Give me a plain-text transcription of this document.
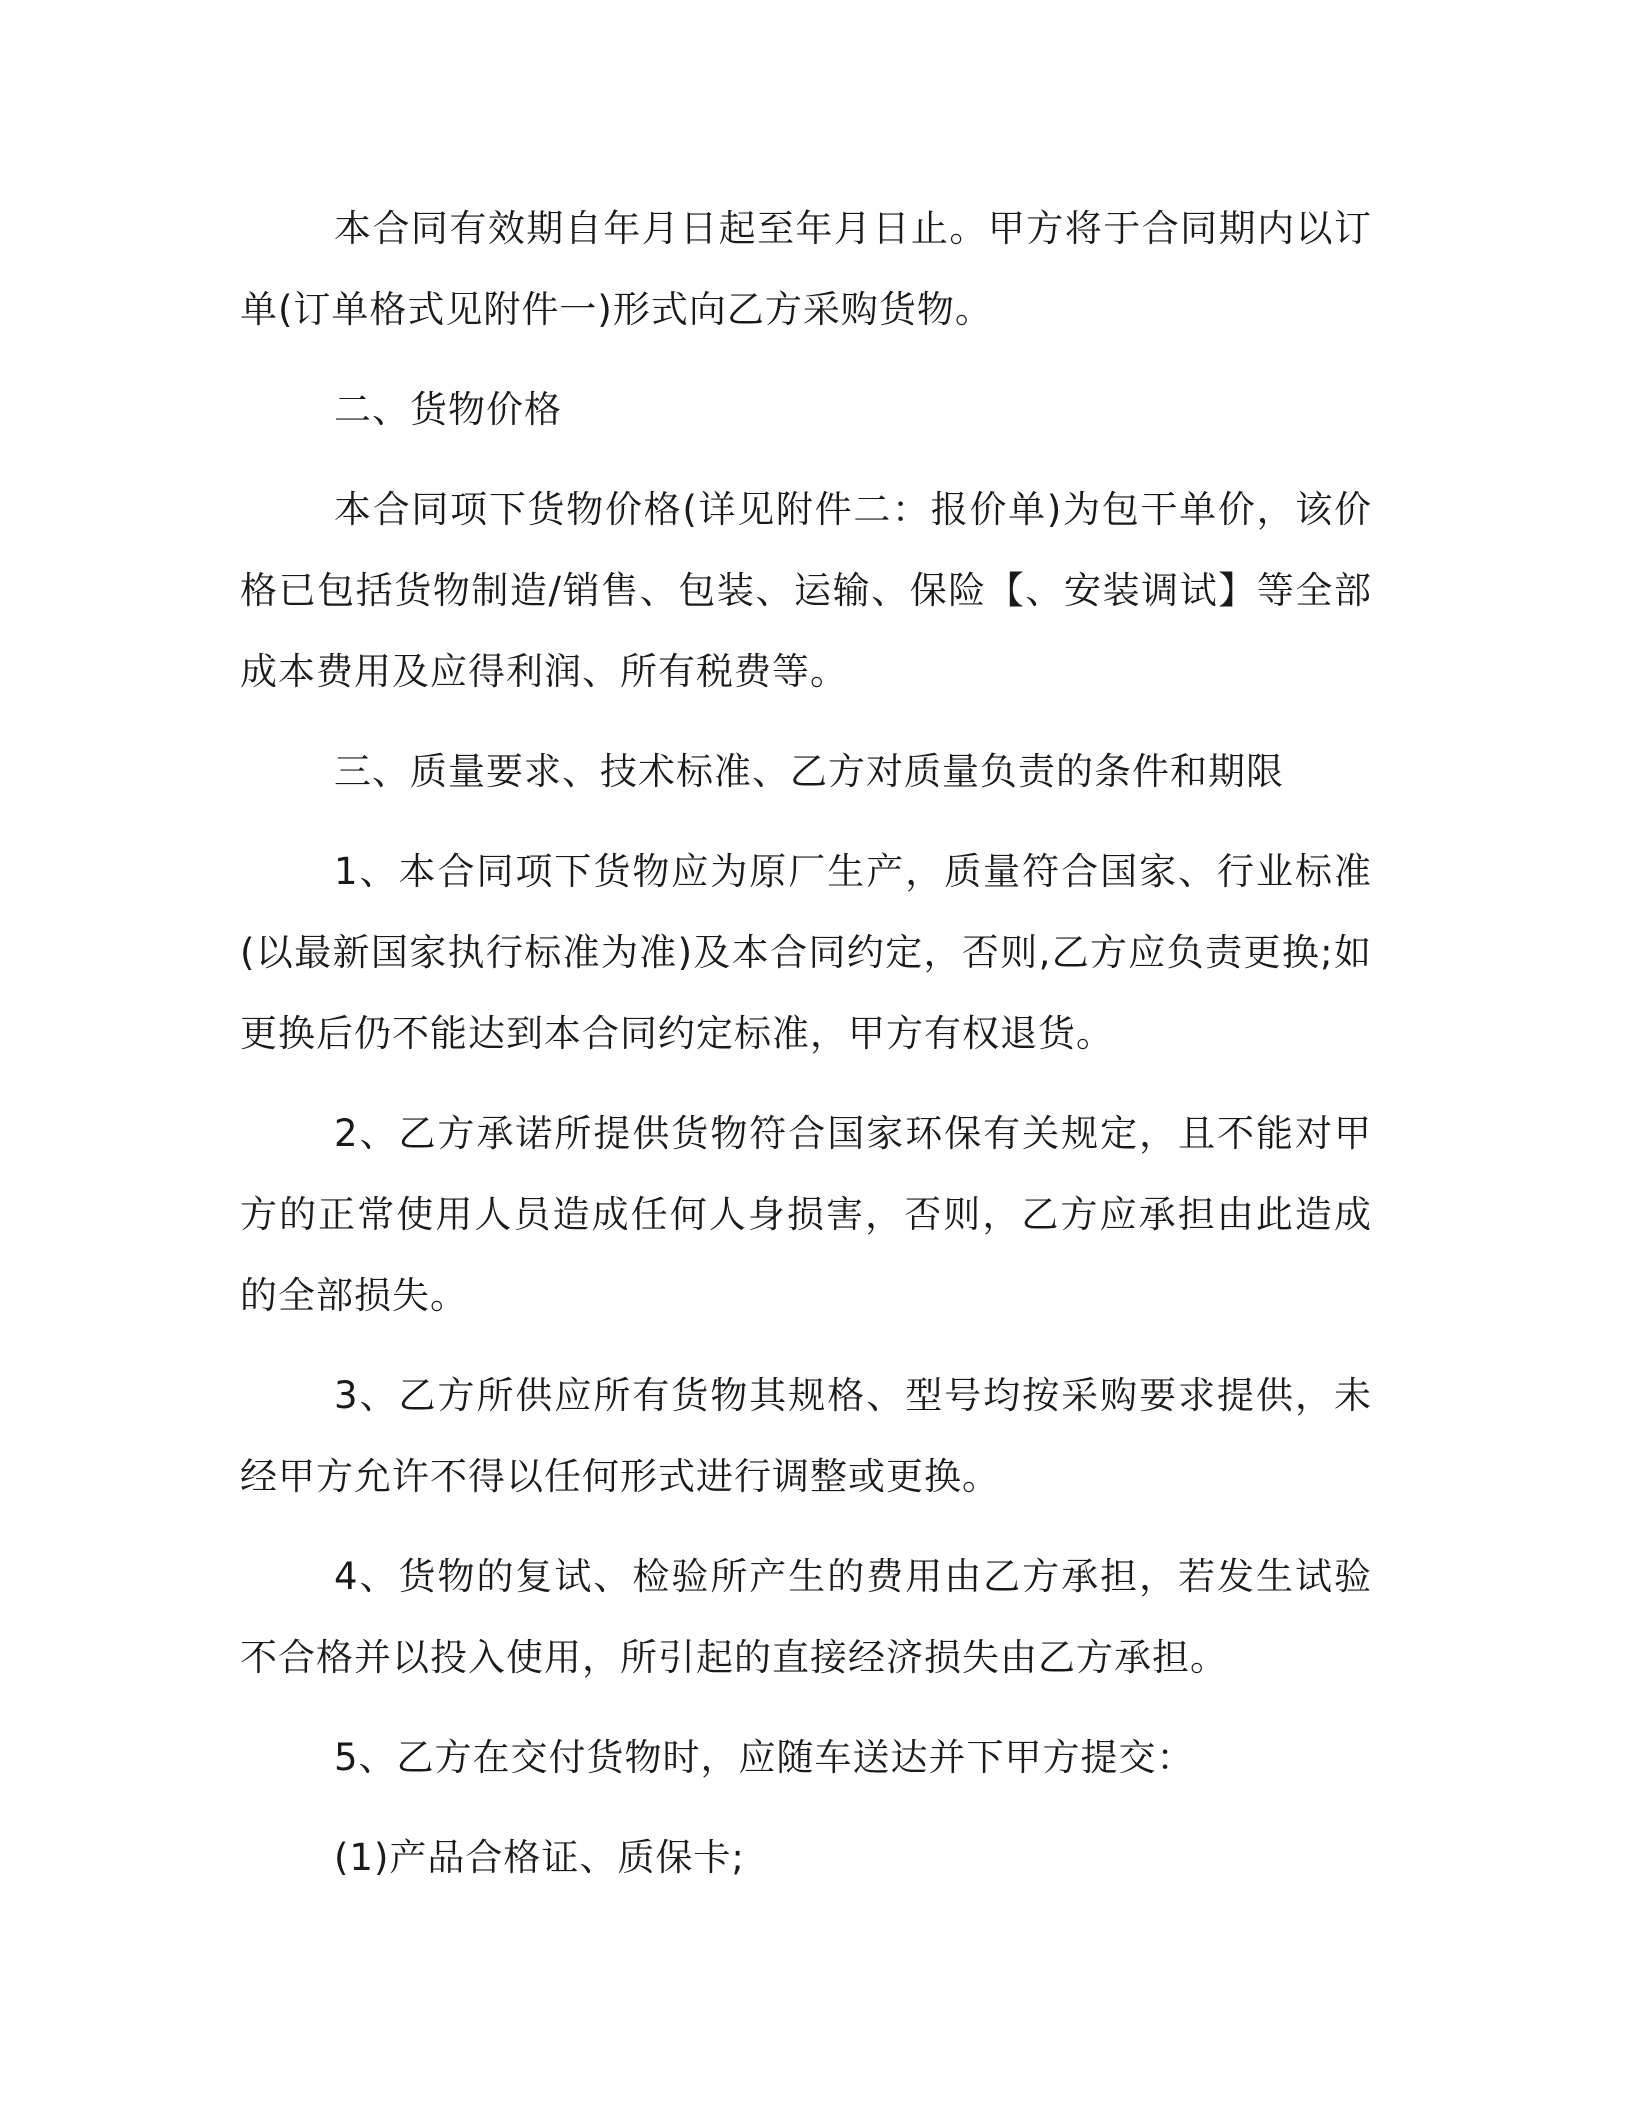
本合同有效期自年月日起至年月日止。甲方将于合同期内以订单(订单格式见附件一)形式向乙方采购货物。

二、货物价格

本合同项下货物价格(详见附件二：报价单)为包干单价，该价格已包括货物制造/销售、包装、运输、保险【、安装调试】等全部成本费用及应得利润、所有税费等。

三、质量要求、技术标准、乙方对质量负责的条件和期限

1、本合同项下货物应为原厂生产，质量符合国家、行业标准(以最新国家执行标准为准)及本合同约定，否则,乙方应负责更换;如更换后仍不能达到本合同约定标准，甲方有权退货。

2、乙方承诺所提供货物符合国家环保有关规定，且不能对甲方的正常使用人员造成任何人身损害，否则，乙方应承担由此造成的全部损失。

3、乙方所供应所有货物其规格、型号均按采购要求提供，未经甲方允许不得以任何形式进行调整或更换。

4、货物的复试、检验所产生的费用由乙方承担，若发生试验不合格并以投入使用，所引起的直接经济损失由乙方承担。

5、乙方在交付货物时，应随车送达并下甲方提交：

(1)产品合格证、质保卡;
